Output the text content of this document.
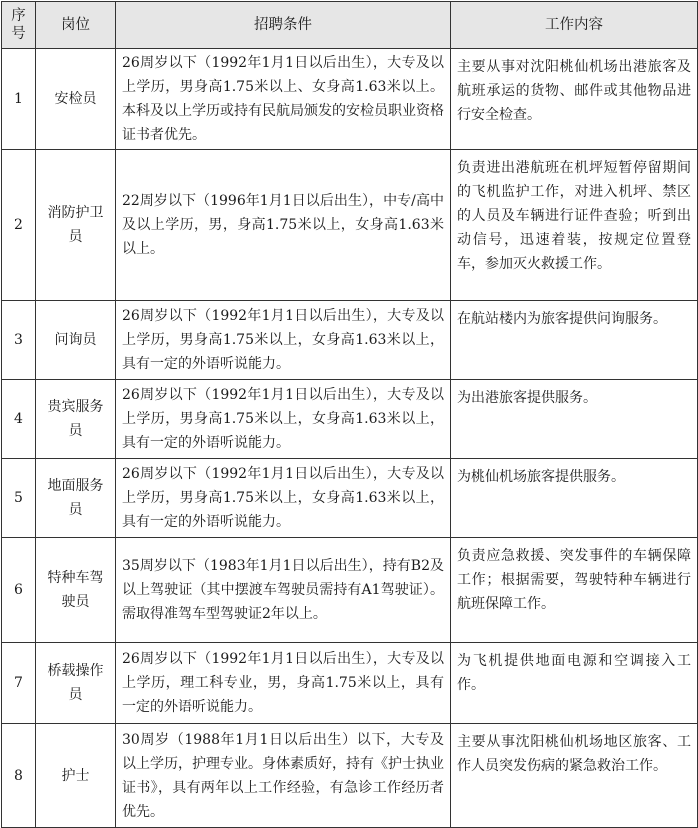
序号	岗位	招聘条件	工作内容
1	安检员	26周岁以下（1992年1月1日以后出生），大专及以上学历，男身高1.75米以上、女身高1.63米以上。本科及以上学历或持有民航局颁发的安检员职业资格证书者优先。	主要从事对沈阳桃仙机场出港旅客及航班承运的货物、邮件或其他物品进行安全检查。
2	消防护卫员	22周岁以下（1996年1月1日以后出生），中专/高中及以上学历，男，身高1.75米以上，女身高1.63米以上。	负责进出港航班在机坪短暂停留期间的飞机监护工作，对进入机坪、禁区的人员及车辆进行证件查验；听到出动信号，迅速着装，按规定位置登车，参加灭火救援工作。
3	问询员	26周岁以下（1992年1月1日以后出生），大专及以上学历，男身高1.75米以上，女身高1.63米以上，具有一定的外语听说能力。	在航站楼内为旅客提供问询服务。
4	贵宾服务员	26周岁以下（1992年1月1日以后出生），大专及以上学历，男身高1.75米以上，女身高1.63米以上，具有一定的外语听说能力。	为出港旅客提供服务。
5	地面服务员	26周岁以下（1992年1月1日以后出生），大专及以上学历，男身高1.75米以上，女身高1.63米以上，具有一定的外语听说能力。	为桃仙机场旅客提供服务。
6	特种车驾驶员	35周岁以下（1983年1月1日以后出生），持有B2及以上驾驶证（其中摆渡车驾驶员需持有A1驾驶证）。需取得准驾车型驾驶证2年以上。	负责应急救援、突发事件的车辆保障工作；根据需要，驾驶特种车辆进行航班保障工作。
7	桥载操作员	26周岁以下（1992年1月1日以后出生），大专及以上学历，理工科专业，男，身高1.75米以上，具有一定的外语听说能力。	为飞机提供地面电源和空调接入工作。
8	护士	30周岁（1988年1月1日以后出生）以下，大专及以上学历，护理专业。身体素质好，持有《护士执业证书》，具有两年以上工作经验，有急诊工作经历者优先。	主要从事沈阳桃仙机场地区旅客、工作人员突发伤病的紧急救治工作。
